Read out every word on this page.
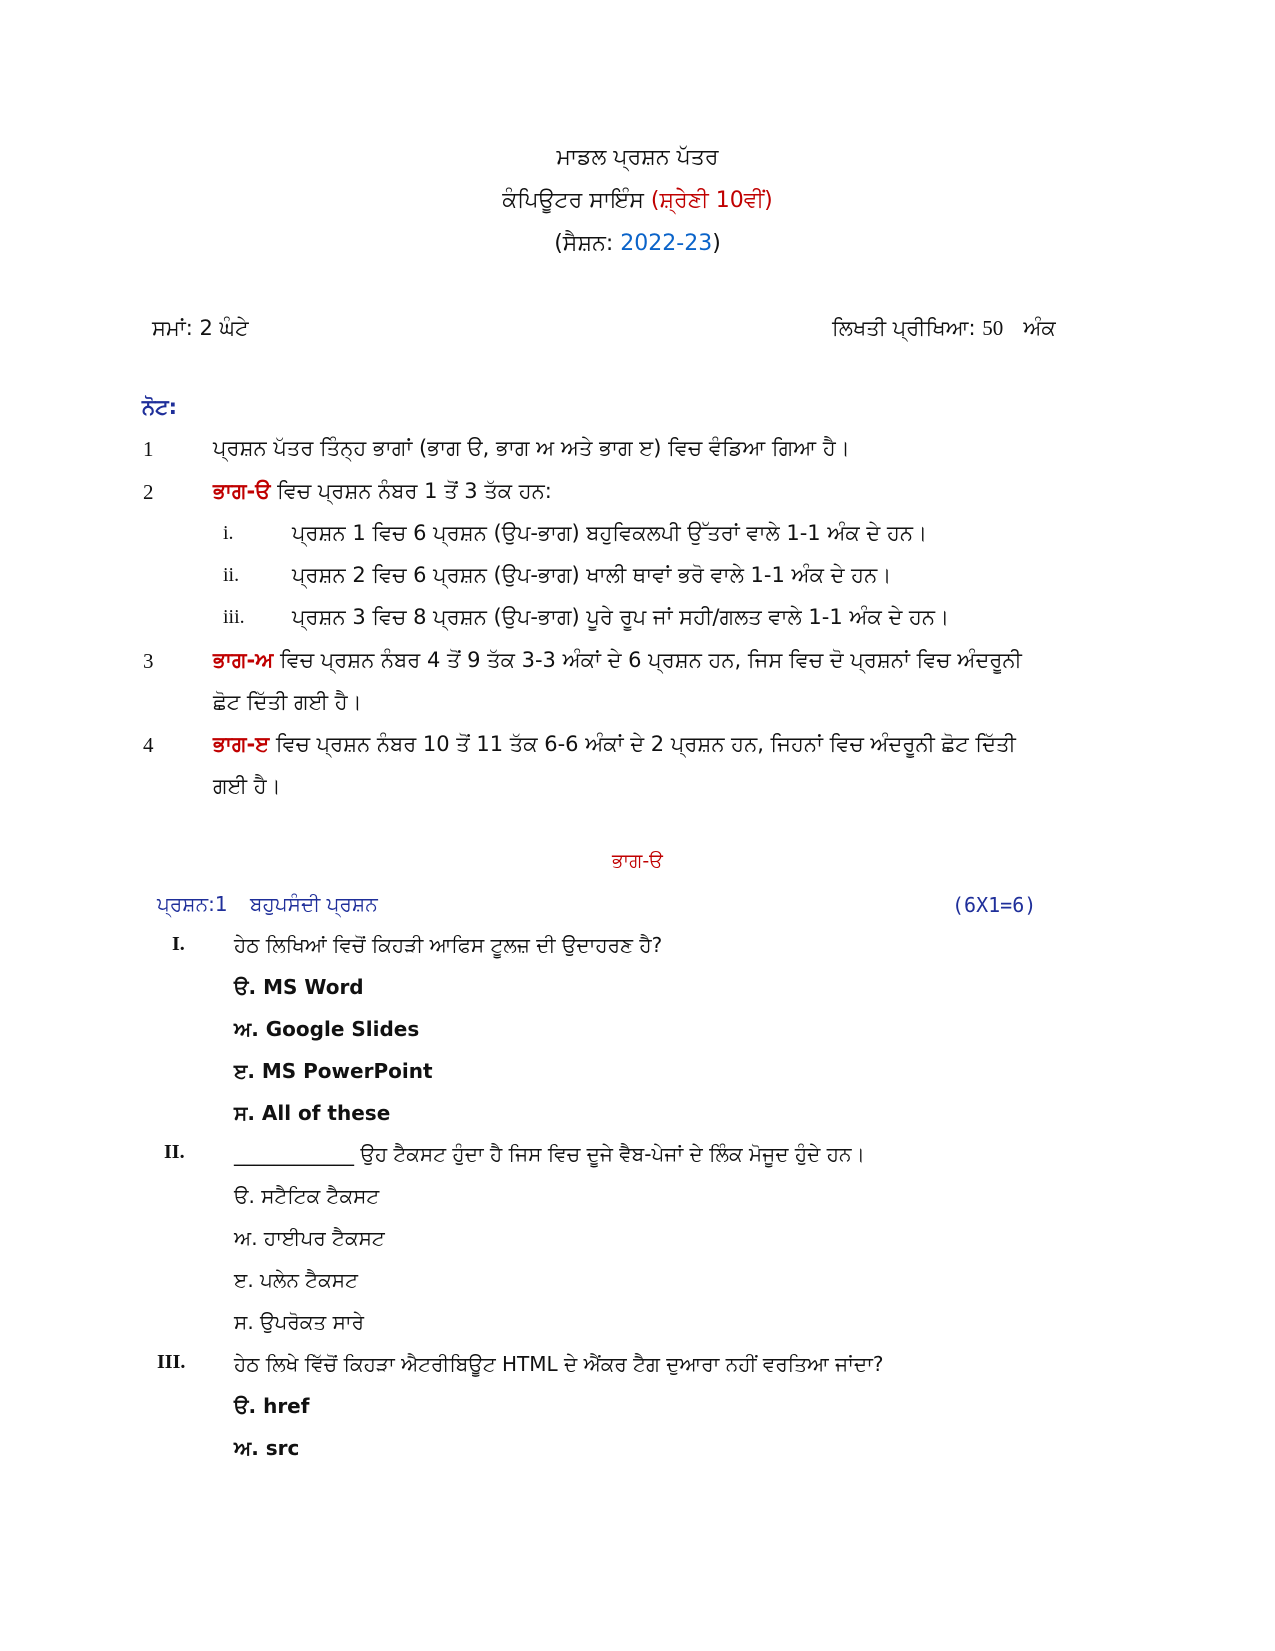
ਮਾਡਲ ਪ੍ਰਸ਼ਨ ਪੱਤਰ
ਕੰਪਿਊਟਰ ਸਾਇੰਸ (ਸ਼੍ਰੇਣੀ 10ਵੀਂ)
(ਸੈਸ਼ਨ: 2022-23)
ਸਮਾਂ: 2 ਘੰਟੇ	ਲਿਖਤੀ ਪ੍ਰੀਖਿਆ: 50 ਅੰਕ
ਨੋਟ:
1	ਪ੍ਰਸ਼ਨ ਪੱਤਰ ਤਿੰਨ੍ਹ ਭਾਗਾਂ (ਭਾਗ ੳ, ਭਾਗ ਅ ਅਤੇ ਭਾਗ ੲ) ਵਿਚ ਵੰਡਿਆ ਗਿਆ ਹੈ।
2	ਭਾਗ-ੳ ਵਿਚ ਪ੍ਰਸ਼ਨ ਨੰਬਰ 1 ਤੋਂ 3 ਤੱਕ ਹਨ:
i.	ਪ੍ਰਸ਼ਨ 1 ਵਿਚ 6 ਪ੍ਰਸ਼ਨ (ਉਪ-ਭਾਗ) ਬਹੁਵਿਕਲਪੀ ਉੱਤਰਾਂ ਵਾਲੇ 1-1 ਅੰਕ ਦੇ ਹਨ।
ii.	ਪ੍ਰਸ਼ਨ 2 ਵਿਚ 6 ਪ੍ਰਸ਼ਨ (ਉਪ-ਭਾਗ) ਖਾਲੀ ਥਾਵਾਂ ਭਰੋ ਵਾਲੇ 1-1 ਅੰਕ ਦੇ ਹਨ।
iii. ਪ੍ਰਸ਼ਨ 3 ਵਿਚ 8 ਪ੍ਰਸ਼ਨ (ਉਪ-ਭਾਗ) ਪੂਰੇ ਰੂਪ ਜਾਂ ਸਹੀ/ਗਲਤ ਵਾਲੇ 1-1 ਅੰਕ ਦੇ ਹਨ।
3	ਭਾਗ-ਅ ਵਿਚ ਪ੍ਰਸ਼ਨ ਨੰਬਰ 4 ਤੋਂ 9 ਤੱਕ 3-3 ਅੰਕਾਂ ਦੇ 6 ਪ੍ਰਸ਼ਨ ਹਨ, ਜਿਸ ਵਿਚ ਦੋ ਪ੍ਰਸ਼ਨਾਂ ਵਿਚ ਅੰਦਰੂਨੀ
ਛੋਟ ਦਿੱਤੀ ਗਈ ਹੈ।
4	ਭਾਗ-ੲ ਵਿਚ ਪ੍ਰਸ਼ਨ ਨੰਬਰ 10 ਤੋਂ 11 ਤੱਕ 6-6 ਅੰਕਾਂ ਦੇ 2 ਪ੍ਰਸ਼ਨ ਹਨ, ਜਿਹਨਾਂ ਵਿਚ ਅੰਦਰੂਨੀ ਛੋਟ ਦਿੱਤੀ
ਗਈ ਹੈ।
ਭਾਗ-ੳ
ਪ੍ਰਸ਼ਨ:1 ਬਹੁਪਸੰਦੀ ਪ੍ਰਸ਼ਨ	(6X1=6)
I. ਹੇਠ ਲਿਖਿਆਂ ਵਿਚੋਂ ਕਿਹੜੀ ਆਫਿਸ ਟੂਲਜ਼ ਦੀ ਉਦਾਹਰਣ ਹੈ?
ੳ. MS Word
ਅ. Google Slides
ੲ. MS PowerPoint
ਸ. All of these
II. ____________ ਉਹ ਟੈਕਸਟ ਹੁੰਦਾ ਹੈ ਜਿਸ ਵਿਚ ਦੂਜੇ ਵੈਬ-ਪੇਜਾਂ ਦੇ ਲਿੰਕ ਮੋਜੂਦ ਹੁੰਦੇ ਹਨ।
ੳ. ਸਟੈਟਿਕ ਟੈਕਸਟ
ਅ. ਹਾਈਪਰ ਟੈਕਸਟ
ੲ. ਪਲੇਨ ਟੈਕਸਟ
ਸ. ਉਪਰੋਕਤ ਸਾਰੇ
III. ਹੇਠ ਲਿਖੇ ਵਿੱਚੋਂ ਕਿਹੜਾ ਐਟਰੀਬਿਊਟ HTML ਦੇ ਐਂਕਰ ਟੈਗ ਦੁਆਰਾ ਨਹੀਂ ਵਰਤਿਆ ਜਾਂਦਾ?
ੳ. href
ਅ. src
